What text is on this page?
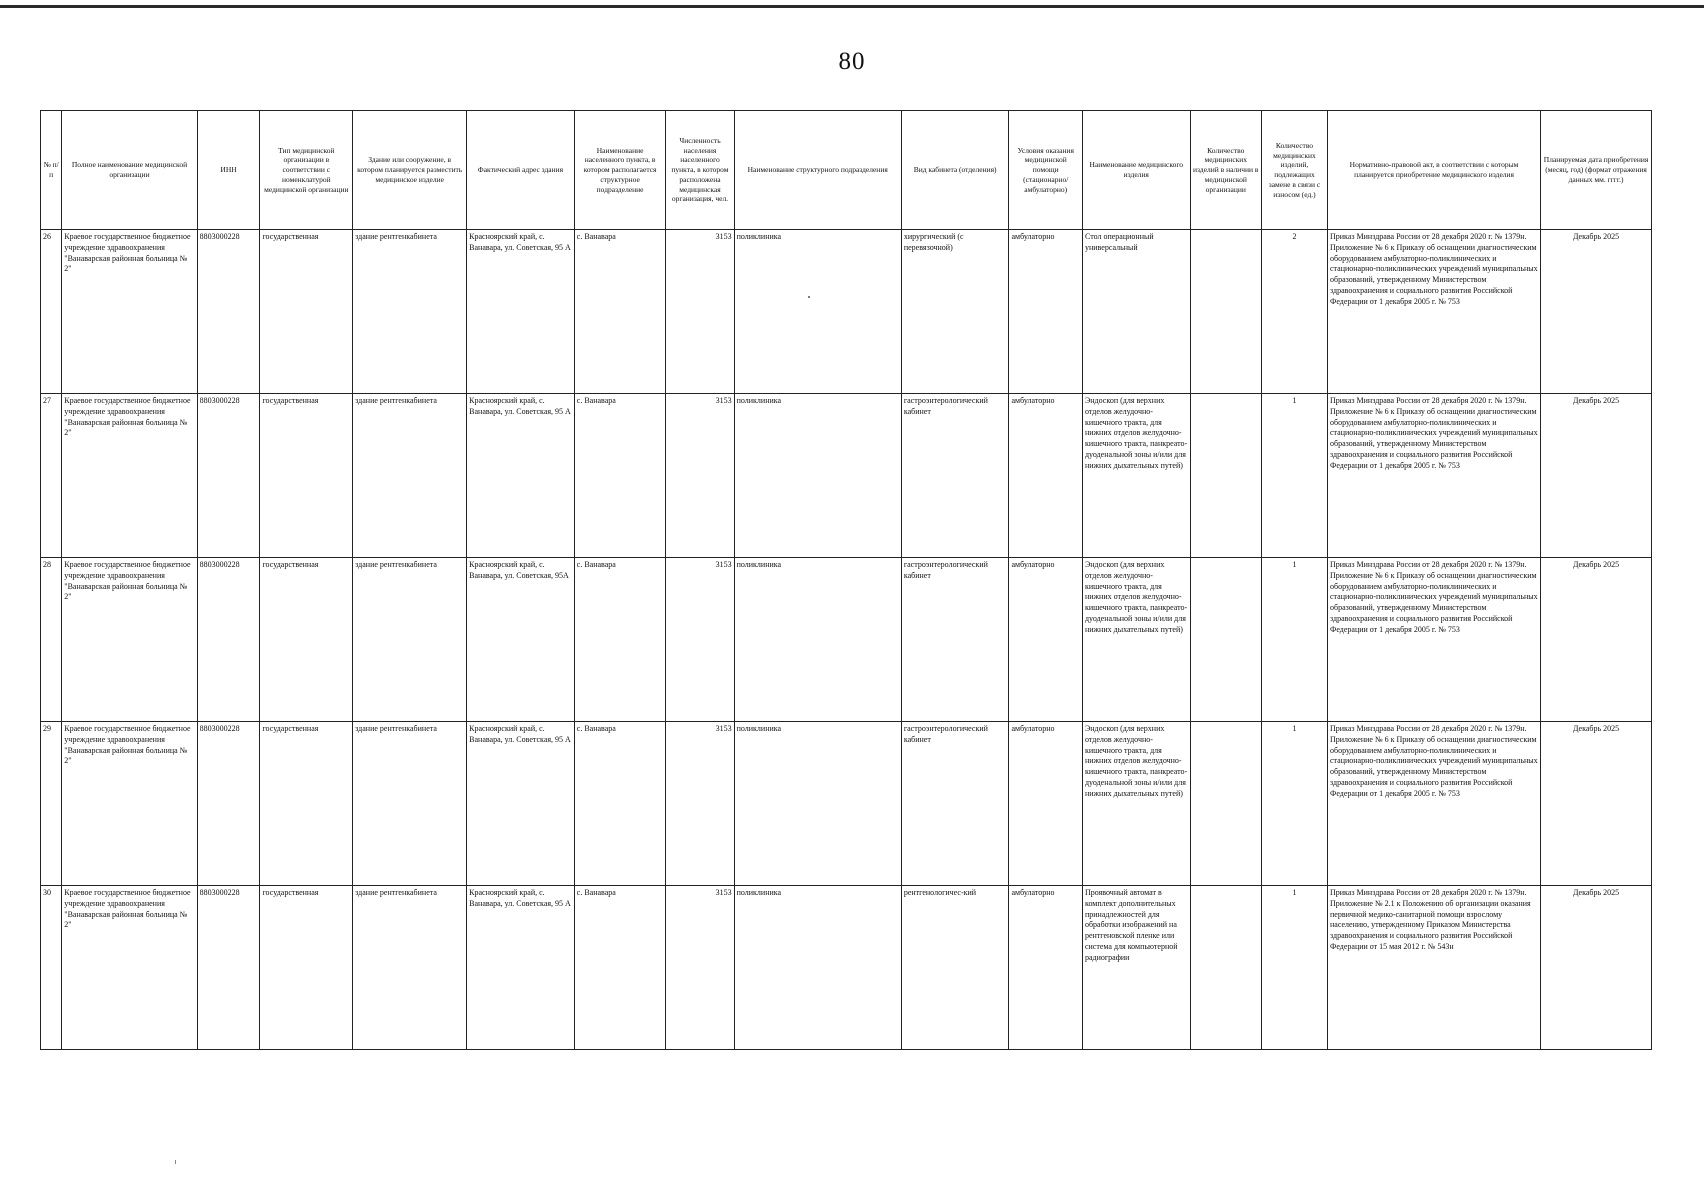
80
№ п/п	Полное наименование медицинской организации	ИНН	Тип медицинской организации в соответствии с номенклатурой медицинской организации	Здание или сооружение, в котором планируется разместить медицинское изделие	Фактический адрес здания	Наименование населенного пункта, в котором располагается структурное подразделение	Численность населения населенного пункта, в котором расположена медицинская организация, чел.	Наименование структурного подразделения	Вид кабинета (отделения)	Условия оказания медицинской помощи (стационарно/ амбулаторно)	Наименование медицинского изделия	Количество медицинских изделий в наличии в медицинской организации	Количество медицинских изделий, подлежащих замене в связи с износом (ед.)	Нормативно-правовой акт, в соответствии с которым планируется приобретение медицинского изделия	Планируемая дата приобретения (месяц, год) (формат отражения данных мм. гггг.)
26	Краевое государственное бюджетное учреждение здравоохранения "Ванаварская районная больница № 2"	8803000228	государственная	здание рентгенкабинета	Красноярский край, с. Ванавара, ул. Советская, 95 А	с. Ванавара	3153	поликлиника	хирургический (с перевязочной)	амбулаторно	Стол операционный универсальный		2	Приказ Минздрава России от 28 декабря 2020 г. № 1379н. Приложение № 6 к Приказу об оснащении диагностическим оборудованием амбулаторно-поликлинических и стационарно-поликлинических учреждений муниципальных образований, утвержденному Министерством здравоохранения и социального развития Российской Федерации от 1 декабря 2005 г. № 753	Декабрь 2025
27	Краевое государственное бюджетное учреждение здравоохранения "Ванаварская районная больница № 2"	8803000228	государственная	здание рентгенкабинета	Красноярский край, с. Ванавара, ул. Советская, 95 А	с. Ванавара	3153	поликлиника	гастроэнтерологический кабинет	амбулаторно	Эндоскоп (для верхних отделов желудочно-кишечного тракта, для нижних отделов желудочно-кишечного тракта, панкреато-дуоденальной зоны и/или для нижних дыхательных путей)		1	Приказ Минздрава России от 28 декабря 2020 г. № 1379н. Приложение № 6 к Приказу об оснащении диагностическим оборудованием амбулаторно-поликлинических и стационарно-поликлинических учреждений муниципальных образований, утвержденному Министерством здравоохранения и социального развития Российской Федерации от 1 декабря 2005 г. № 753	Декабрь 2025
28	Краевое государственное бюджетное учреждение здравоохранения "Ванаварская районная больница № 2"	8803000228	государственная	здание рентгенкабинета	Красноярский край, с. Ванавара, ул. Советская, 95А	с. Ванавара	3153	поликлиника	гастроэнтерологический кабинет	амбулаторно	Эндоскоп (для верхних отделов желудочно-кишечного тракта, для нижних отделов желудочно-кишечного тракта, панкреато-дуоденальной зоны и/или для нижних дыхательных путей)		1	Приказ Минздрава России от 28 декабря 2020 г. № 1379н. Приложение № 6 к Приказу об оснащении диагностическим оборудованием амбулаторно-поликлинических и стационарно-поликлинических учреждений муниципальных образований, утвержденному Министерством здравоохранения и социального развития Российской Федерации от 1 декабря 2005 г. № 753	Декабрь 2025
29	Краевое государственное бюджетное учреждение здравоохранения "Ванаварская районная больница № 2"	8803000228	государственная	здание рентгенкабинета	Красноярский край, с. Ванавара, ул. Советская, 95 А	с. Ванавара	3153	поликлиника	гастроэнтерологический кабинет	амбулаторно	Эндоскоп (для верхних отделов желудочно-кишечного тракта, для нижних отделов желудочно-кишечного тракта, панкреато-дуоденальной зоны и/или для нижних дыхательных путей)		1	Приказ Минздрава России от 28 декабря 2020 г. № 1379н. Приложение № 6 к Приказу об оснащении диагностическим оборудованием амбулаторно-поликлинических и стационарно-поликлинических учреждений муниципальных образований, утвержденному Министерством здравоохранения и социального развития Российской Федерации от 1 декабря 2005 г. № 753	Декабрь 2025
30	Краевое государственное бюджетное учреждение здравоохранения "Ванаварская районная больница № 2"	8803000228	государственная	здание рентгенкабинета	Красноярский край, с. Ванавара, ул. Советская, 95 А	с. Ванавара	3153	поликлиника	рентгенологичес-кий	амбулаторно	Проявочный автомат в комплект дополнительных принадлежностей для обработки изображений на рентгеновской пленке или система для компьютерной радиографии		1	Приказ Минздрава России от 28 декабря 2020 г. № 1379н. Приложение № 2.1 к Положению об организации оказания первичной медико-санитарной помощи взрослому населению, утвержденному Приказом Министерства здравоохранения и социального развития Российской Федерации от 15 мая 2012 г. № 543н	Декабрь 2025
